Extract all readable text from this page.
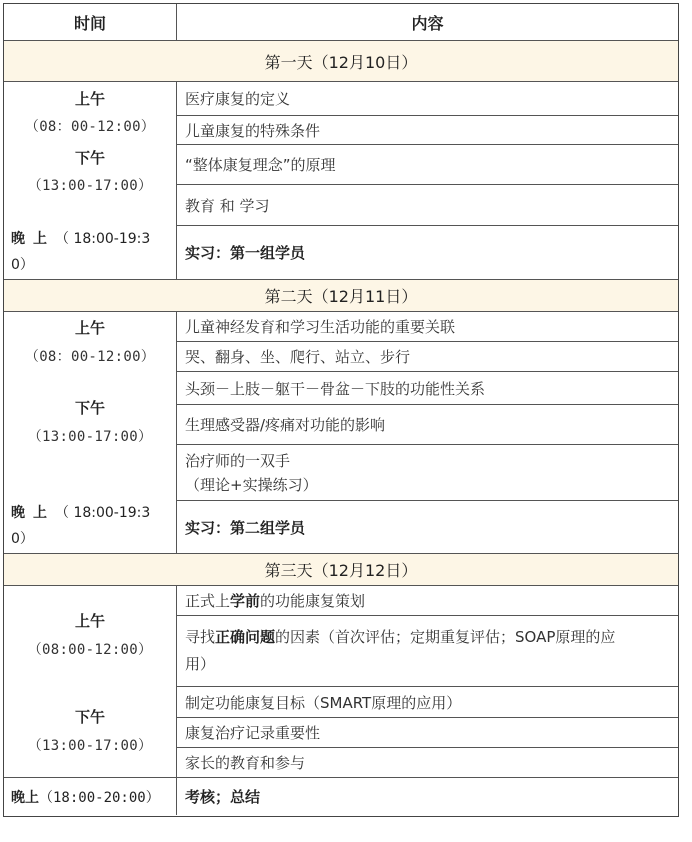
时间	内容
第一天（12月10日）
上午
（08：00-12:00）
下午
（13:00-17:00）
晚上（ 18:00-19:3
0）
医疗康复的定义
儿童康复的特殊条件
“整体康复理念”的原理
教育 和 学习
实习：第一组学员
第二天（12月11日）
上午
（08：00-12:00）
下午
（13:00-17:00）
晚上（ 18:00-19:3
0）
儿童神经发育和学习生活功能的重要关联
哭、翻身、坐、爬行、站立、步行
头颈－上肢－躯干－骨盆－下肢的功能性关系
生理感受器/疼痛对功能的影响
治疗师的一双手
（理论+实操练习）
实习：第二组学员
第三天（12月12日）
上午
（08:00-12:00）
下午
（13:00-17:00）
晚上 （18:00-20:00）
正式上 学前 的功能康复策划
寻找正确问题的因素（首次评估；定期重复评估；SOAP原理的应
用）
制定功能康复目标（SMART原理的应用）
康复治疗记录重要性
家长的教育和参与
考核；总结
